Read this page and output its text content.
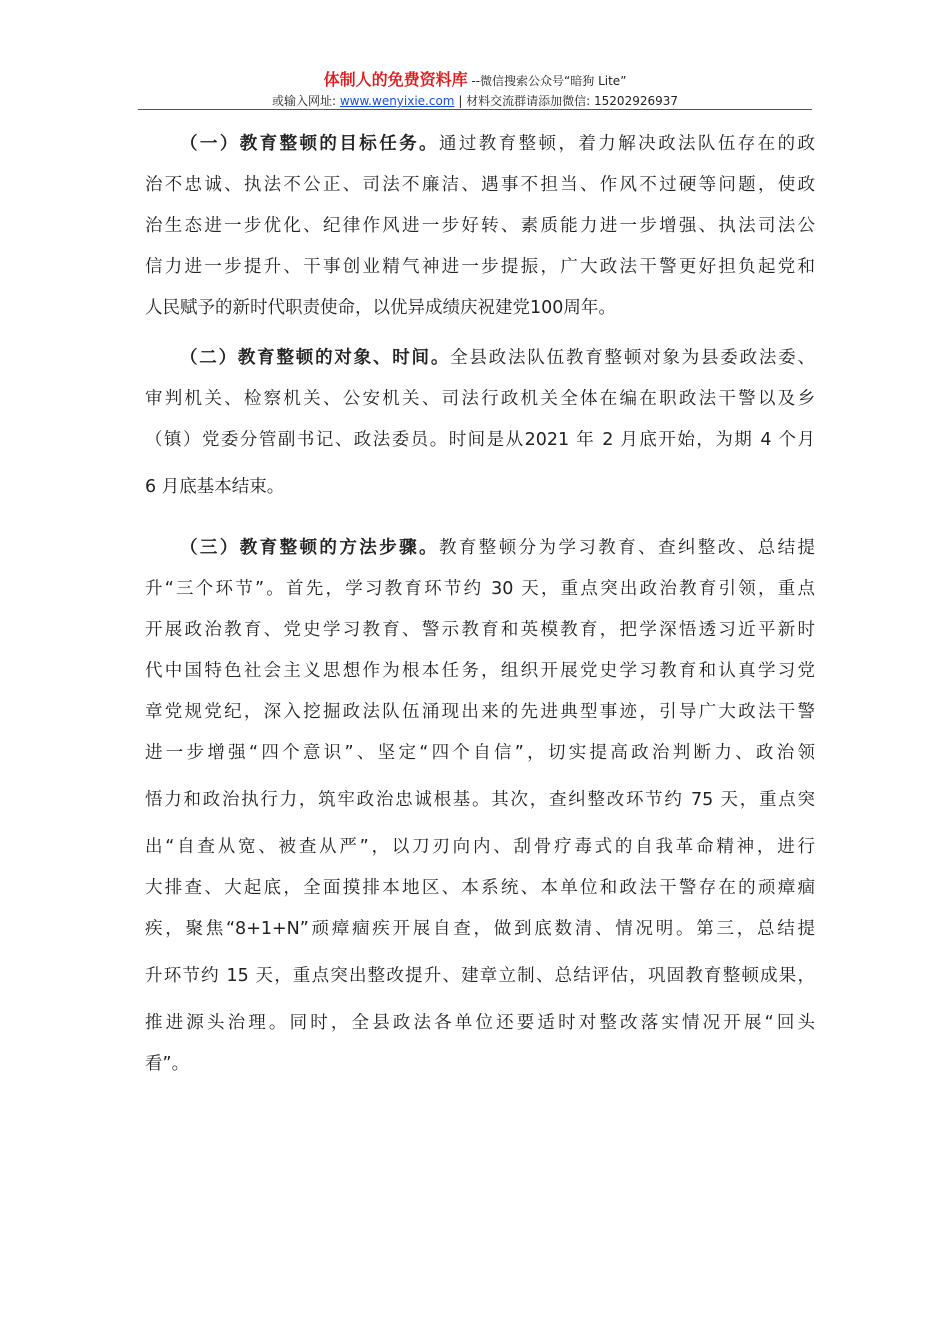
体制人的免费资料库 --微信搜索公众号“暗狗 Lite”
或输入网址: www.wenyixie.com | 材料交流群请添加微信: 15202926937
（一）教育整顿的目标任务。通过教育整顿，着力解决政法队伍存在的政
治不忠诚、执法不公正、司法不廉洁、遇事不担当、作风不过硬等问题，使政
治生态进一步优化、纪律作风进一步好转、素质能力进一步增强、执法司法公
信力进一步提升、干事创业精气神进一步提振，广大政法干警更好担负起党和
人民赋予的新时代职责使命，以优异成绩庆祝建党100周年。
（二）教育整顿的对象、时间。全县政法队伍教育整顿对象为县委政法委、
审判机关、检察机关、公安机关、司法行政机关全体在编在职政法干警以及乡
（镇）党委分管副书记、政法委员。时间是从2021 年 2 月底开始，为期 4 个月
6 月底基本结束。
（三）教育整顿的方法步骤。教育整顿分为学习教育、查纠整改、总结提
升“三个环节”。首先，学习教育环节约 30 天，重点突出政治教育引领，重点
开展政治教育、党史学习教育、警示教育和英模教育，把学深悟透习近平新时
代中国特色社会主义思想作为根本任务，组织开展党史学习教育和认真学习党
章党规党纪，深入挖掘政法队伍涌现出来的先进典型事迹，引导广大政法干警
进一步增强“四个意识”、坚定“四个自信”，切实提高政治判断力、政治领
悟力和政治执行力，筑牢政治忠诚根基。其次，查纠整改环节约 75 天，重点突
出“自查从宽、被查从严”，以刀刃向内、刮骨疗毒式的自我革命精神，进行
大排查、大起底，全面摸排本地区、本系统、本单位和政法干警存在的顽瘴痼
疾，聚焦“8+1+N”顽瘴痼疾开展自查，做到底数清、情况明。第三，总结提
升环节约 15 天，重点突出整改提升、建章立制、总结评估，巩固教育整顿成果，
推进源头治理。同时，全县政法各单位还要适时对整改落实情况开展“回头
看”。
